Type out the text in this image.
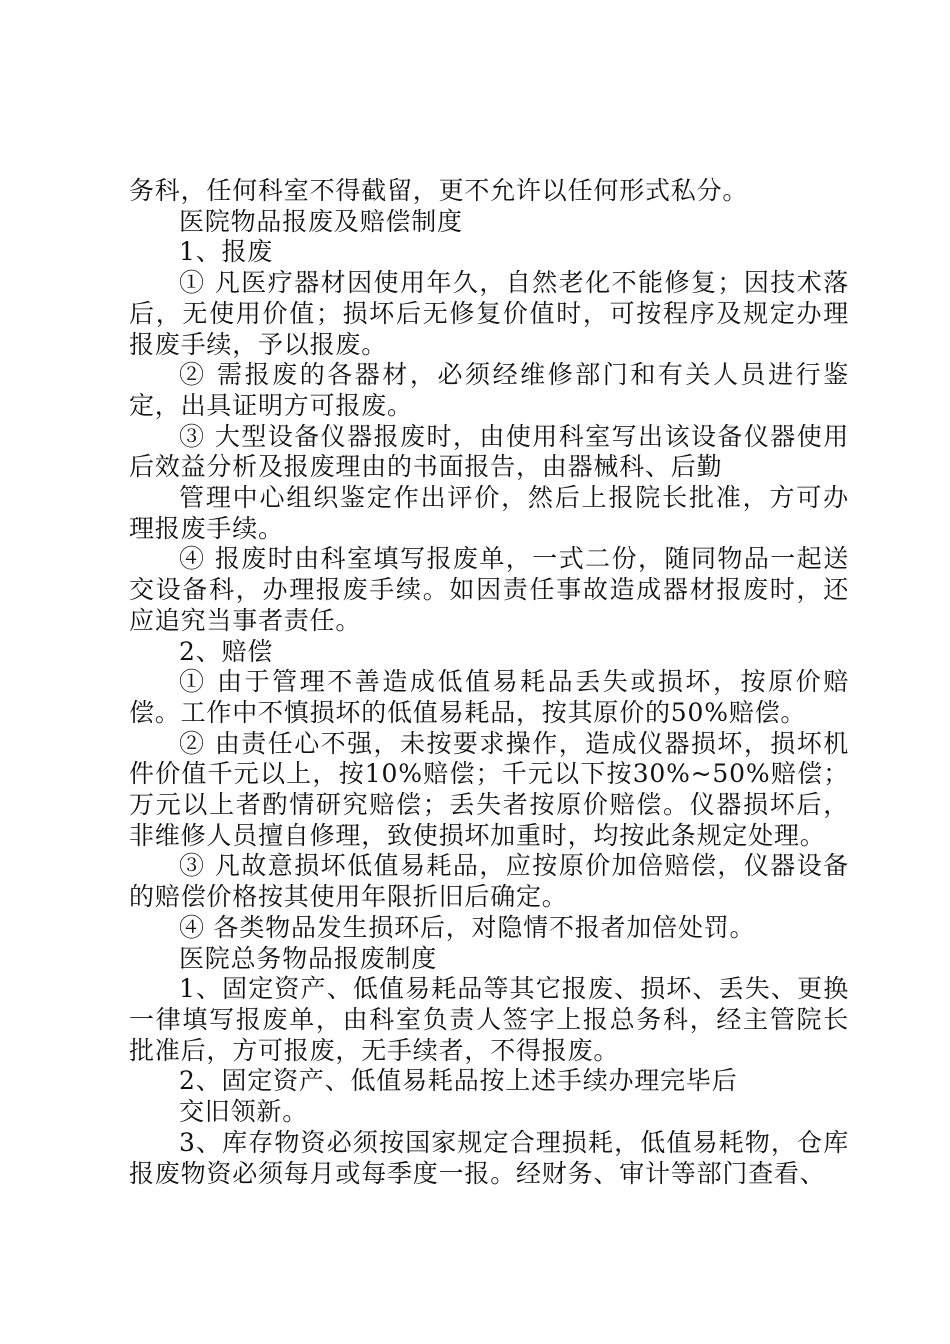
务科，任何科室不得截留，更不允许以任何形式私分。

医院物品报废及赔偿制度

1、报废

① 凡医疗器材因使用年久，自然老化不能修复；因技术落后，无使用价值；损坏后无修复价值时，可按程序及规定办理报废手续，予以报废。

② 需报废的各器材，必须经维修部门和有关人员进行鉴定，出具证明方可报废。

③ 大型设备仪器报废时，由使用科室写出该设备仪器使用后效益分析及报废理由的书面报告，由器械科、后勤

管理中心组织鉴定作出评价，然后上报院长批准，方可办理报废手续。

④ 报废时由科室填写报废单，一式二份，随同物品一起送交设备科，办理报废手续。如因责任事故造成器材报废时，还应追究当事者责任。

2、赔偿

① 由于管理不善造成低值易耗品丢失或损坏，按原价赔偿。工作中不慎损坏的低值易耗品，按其原价的50%赔偿。

② 由责任心不强，未按要求操作，造成仪器损坏，损坏机件价值千元以上，按10%赔偿；千元以下按30%~50%赔偿；万元以上者酌情研究赔偿；丢失者按原价赔偿。仪器损坏后，非维修人员擅自修理，致使损坏加重时，均按此条规定处理。

③ 凡故意损坏低值易耗品，应按原价加倍赔偿，仪器设备的赔偿价格按其使用年限折旧后确定。

④ 各类物品发生损环后，对隐情不报者加倍处罚。

医院总务物品报废制度

1、固定资产、低值易耗品等其它报废、损坏、丢失、更换一律填写报废单，由科室负责人签字上报总务科，经主管院长批准后，方可报废，无手续者，不得报废。

2、固定资产、低值易耗品按上述手续办理完毕后

交旧领新。

3、库存物资必须按国家规定合理损耗，低值易耗物，仓库报废物资必须每月或每季度一报。经财务、审计等部门查看、
